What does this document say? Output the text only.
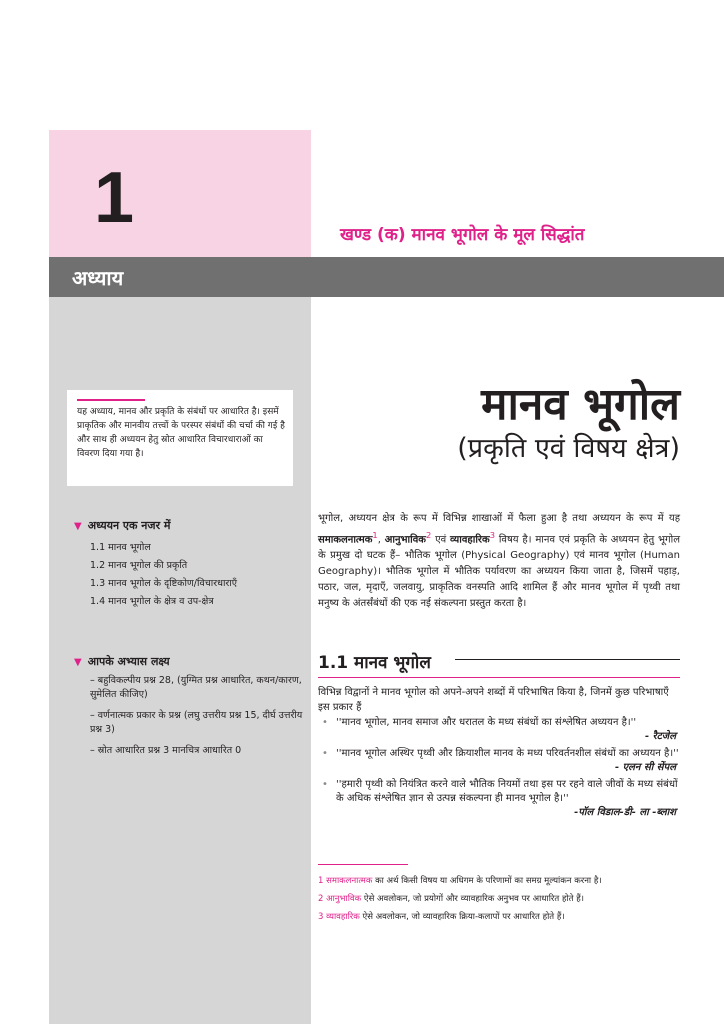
1	खण्ड (क) मानव भूगोल के मूल सिद्धांत
अध्याय
यह अध्याय, मानव और प्रकृति के संबंधों पर आधारित है। इसमें प्राकृतिक और मानवीय तत्त्वों के परस्पर संबंधों की चर्चा की गई है और साथ ही अध्ययन हेतु स्रोत आधारित विचारधाराओं का विवरण दिया गया है।
▼ अध्ययन एक नजर में
1.1 मानव भूगोल
1.2 मानव भूगोल की प्रकृति
1.3 मानव भूगोल के दृष्टिकोण/विचारधाराएँ
1.4 मानव भूगोल के क्षेत्र व उप-क्षेत्र
▼ आपके अभ्यास लक्ष्य
– बहुविकल्पीय प्रश्न 28, (युग्मित प्रश्न आधारित, कथन/कारण, सुमेलित कीजिए)
– वर्णनात्मक प्रकार के प्रश्न (लघु उत्तरीय प्रश्न 15, दीर्घ उत्तरीय प्रश्न 3)
– स्रोत आधारित प्रश्न 3 मानचित्र आधारित 0
मानव भूगोल
(प्रकृति एवं विषय क्षेत्र)
भूगोल, अध्ययन क्षेत्र के रूप में विभिन्न शाखाओं में फैला हुआ है तथा अध्ययन के रूप में यह समाकलनात्मक$^1$, आनुभाविक$^2$ एवं व्यावहारिक$^3$ विषय है। मानव एवं प्रकृति के अध्ययन हेतु भूगोल के प्रमुख दो घटक हैं– भौतिक भूगोल (Physical Geography) एवं मानव भूगोल (Human Geography)। भौतिक भूगोल में भौतिक पर्यावरण का अध्ययन किया जाता है, जिसमें पहाड़, पठार, जल, मृदाएँ, जलवायु, प्राकृतिक वनस्पति आदि शामिल हैं और मानव भूगोल में पृथ्वी तथा मनुष्य के अंतर्संबंधों की एक नई संकल्पना प्रस्तुत करता है।
1.1 मानव भूगोल
विभिन्न विद्वानों ने मानव भूगोल को अपने-अपने शब्दों में परिभाषित किया है, जिनमें कुछ परिभाषाएँ इस प्रकार हैं
• ''मानव भूगोल, मानव समाज और धरातल के मध्य संबंधों का संश्लेषित अध्ययन है।''
- रैटजेल
• ''मानव भूगोल अस्थिर पृथ्वी और क्रियाशील मानव के मध्य परिवर्तनशील संबंधों का अध्ययन है।''
- एलन सी सेंपल
• ''हमारी पृथ्वी को नियंत्रित करने वाले भौतिक नियमों तथा इस पर रहने वाले जीवों के मध्य संबंधों के अधिक संश्लेषित ज्ञान से उत्पन्न संकल्पना ही मानव भूगोल है।''
-पॉल विडाल-डी- ला -ब्लाश
1 समाकलनात्मक का अर्थ किसी विषय या अधिगम के परिणामों का समग्र मूल्यांकन करना है।
2 आनुभाविक ऐसे अवलोकन, जो प्रयोगों और व्यावहारिक अनुभव पर आधारित होते हैं।
3 व्यावहारिक ऐसे अवलोकन, जो व्यावहारिक क्रिया-कलापों पर आधारित होते हैं।
